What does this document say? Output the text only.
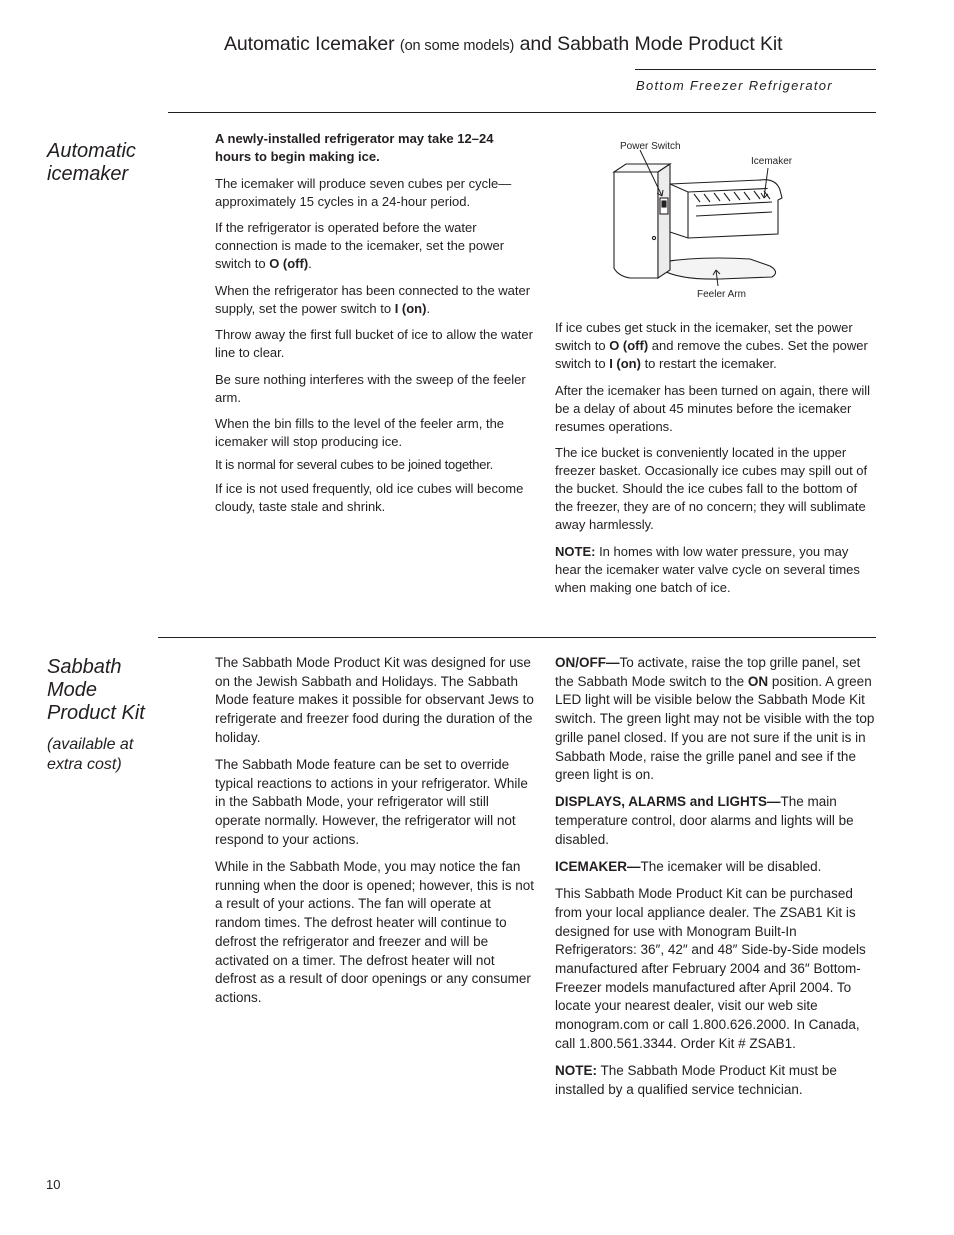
Automatic Icemaker (on some models) and Sabbath Mode Product Kit
Bottom Freezer Refrigerator
Automatic
icemaker

A newly-installed refrigerator may take 12–24 hours to begin making ice.

The icemaker will produce seven cubes per cycle—approximately 15 cycles in a 24-hour period.

If the refrigerator is operated before the water connection is made to the icemaker, set the power switch to O (off).

When the refrigerator has been connected to the water supply, set the power switch to I (on).

Throw away the first full bucket of ice to allow the water line to clear.

Be sure nothing interferes with the sweep of the feeler arm.

When the bin fills to the level of the feeler arm, the icemaker will stop producing ice.

It is normal for several cubes to be joined together.

If ice is not used frequently, old ice cubes will become cloudy, taste stale and shrink.

Power Switch
Icemaker
Feeler Arm

If ice cubes get stuck in the icemaker, set the power switch to O (off) and remove the cubes. Set the power switch to I (on) to restart the icemaker.

After the icemaker has been turned on again, there will be a delay of about 45 minutes before the icemaker resumes operations.

The ice bucket is conveniently located in the upper freezer basket. Occasionally ice cubes may spill out of the bucket. Should the ice cubes fall to the bottom of the freezer, they are of no concern; they will sublimate away harmlessly.

NOTE: In homes with low water pressure, you may hear the icemaker water valve cycle on several times when making one batch of ice.

Sabbath
Mode
Product Kit
(available at
extra cost)

The Sabbath Mode Product Kit was designed for use on the Jewish Sabbath and Holidays. The Sabbath Mode feature makes it possible for observant Jews to refrigerate and freezer food during the duration of the holiday.

The Sabbath Mode feature can be set to override typical reactions to actions in your refrigerator. While in the Sabbath Mode, your refrigerator will still operate normally. However, the refrigerator will not respond to your actions.

While in the Sabbath Mode, you may notice the fan running when the door is opened; however, this is not a result of your actions. The fan will operate at random times. The defrost heater will continue to defrost the refrigerator and freezer and will be activated on a timer. The defrost heater will not defrost as a result of door openings or any consumer actions.

ON/OFF—To activate, raise the top grille panel, set the Sabbath Mode switch to the ON position. A green LED light will be visible below the Sabbath Mode Kit switch. The green light may not be visible with the top grille panel closed. If you are not sure if the unit is in Sabbath Mode, raise the grille panel and see if the green light is on.

DISPLAYS, ALARMS and LIGHTS—The main temperature control, door alarms and lights will be disabled.

ICEMAKER—The icemaker will be disabled.

This Sabbath Mode Product Kit can be purchased from your local appliance dealer. The ZSAB1 Kit is designed for use with Monogram Built-In Refrigerators: 36″, 42″ and 48″ Side-by-Side models manufactured after February 2004 and 36″ Bottom-Freezer models manufactured after April 2004. To locate your nearest dealer, visit our web site monogram.com or call 1.800.626.2000. In Canada, call 1.800.561.3344. Order Kit # ZSAB1.

NOTE: The Sabbath Mode Product Kit must be installed by a qualified service technician.

10
